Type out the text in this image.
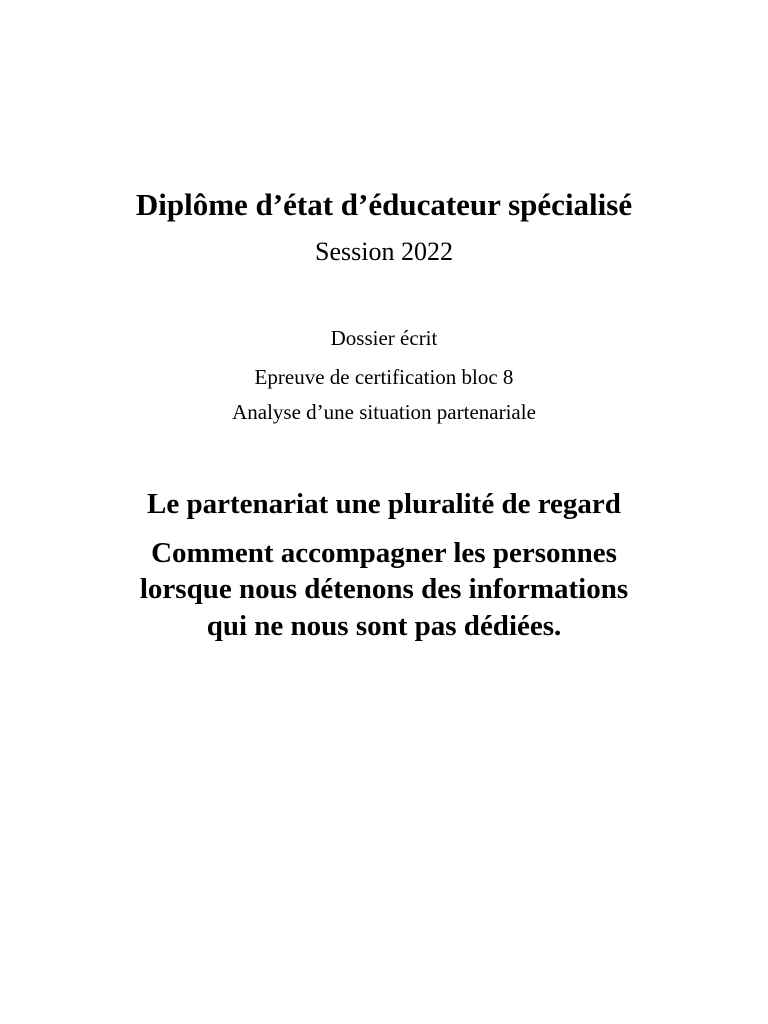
Diplôme d’état d’éducateur spécialisé
Session 2022
Dossier écrit
Epreuve de certification bloc 8
Analyse d’une situation partenariale
Le partenariat une pluralité de regard
Comment accompagner les personnes
lorsque nous détenons des informations
qui ne nous sont pas dédiées.
